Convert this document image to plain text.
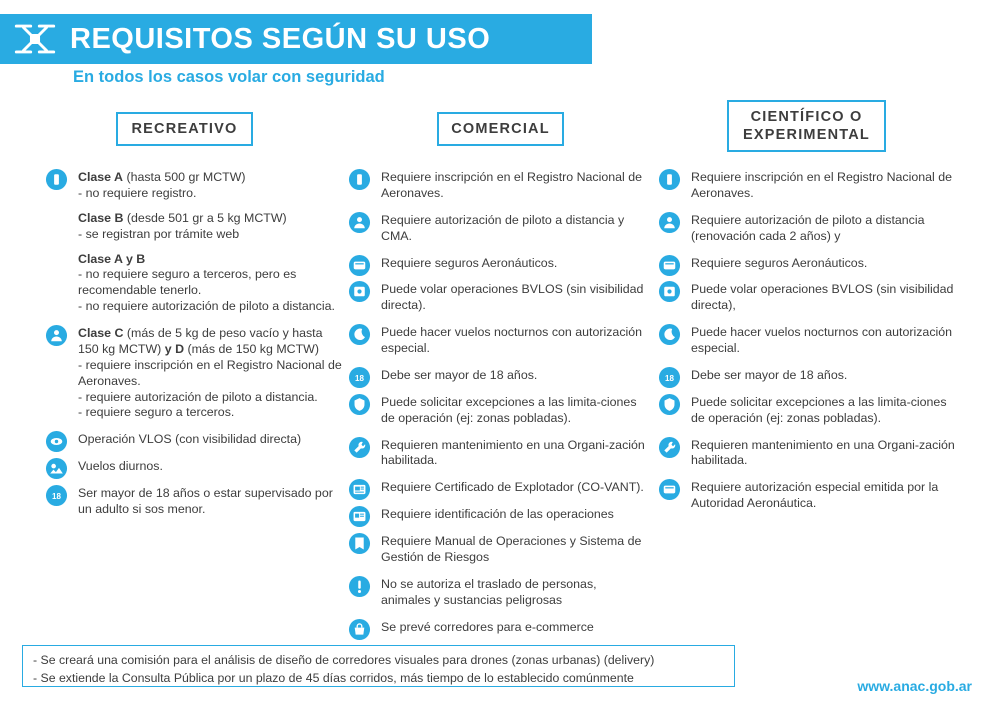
REQUISITOS SEGÚN SU USO
En todos los casos volar con seguridad
RECREATIVO	COMERCIAL
CIENTÍFICO O EXPERIMENTAL
Clase A (hasta 500 gr MCTW)
- no requiere registro.
Clase B (desde 501 gr a 5 kg MCTW)
- se registran por trámite web
Clase A y B
- no requiere seguro a terceros, pero es recomendable tenerlo.
- no requiere autorización de piloto a distancia.
Clase C (más de 5 kg de peso vacío y hasta 150 kg MCTW) y D (más de 150 kg MCTW)
- requiere inscripción en el Registro Nacional de Aeronaves.
- requiere autorización de piloto a distancia.
- requiere seguro a terceros.
Operación VLOS (con visibilidad directa)
Vuelos diurnos.
18 Ser mayor de 18 años o estar supervisado por un adulto si sos menor.
Requiere inscripción en el Registro Nacional de Aeronaves.
Requiere autorización de piloto a distancia y CMA.
Requiere seguros Aeronáuticos.
Puede volar operaciones BVLOS (sin visibilidad directa).
Puede hacer vuelos nocturnos con autorización especial.
18 Debe ser mayor de 18 años.
Puede solicitar excepciones a las limita-ciones de operación (ej: zonas pobladas).
Requieren mantenimiento en una Organi-zación habilitada.
Requiere Certificado de Explotador (CO-VANT).
Requiere identificación de las operaciones
Requiere Manual de Operaciones y Sistema de Gestión de Riesgos
No se autoriza el traslado de personas, animales y sustancias peligrosas
Se prevé corredores para e-commerce
Requiere inscripción en el Registro Nacional de Aeronaves.
Requiere autorización de piloto a distancia (renovación cada 2 años) y
Requiere seguros Aeronáuticos.
Puede volar operaciones BVLOS (sin visibilidad directa),
Puede hacer vuelos nocturnos con autorización especial.
18 Debe ser mayor de 18 años.
Puede solicitar excepciones a las limita-ciones de operación (ej: zonas pobladas).
Requieren mantenimiento en una Organi-zación habilitada.
Requiere autorización especial emitida por la Autoridad Aeronáutica.
- Se creará una comisión para el análisis de diseño de corredores visuales para drones (zonas urbanas) (delivery)
- Se extiende la Consulta Pública por un plazo de 45 días corridos, más tiempo de lo establecido comúnmente
www.anac.gob.ar
